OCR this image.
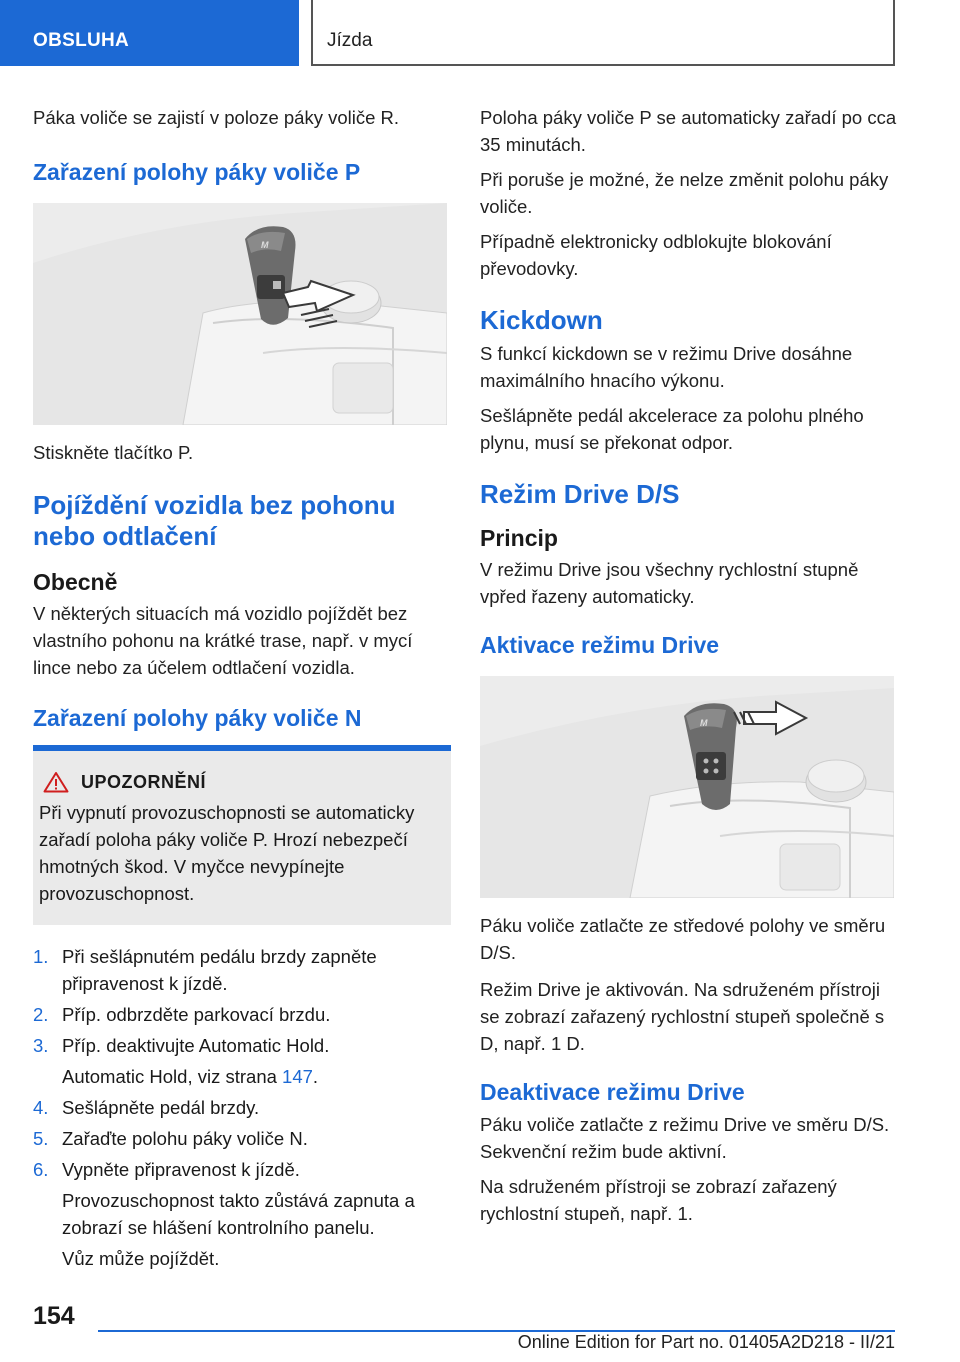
OBSLUHA	Jízda

Páka voliče se zajistí v poloze páky voliče R.

Zařazení polohy páky voliče P
M

Stiskněte tlačítko P.

Pojíždění vozidla bez pohonu
nebo odtlačení
Obecně

V některých situacích má vozidlo pojíždět bez vlastního pohonu na krátké trase, např. v mycí lince nebo za účelem odtlačení vozidla.

Zařazení polohy páky voliče N
UPOZORNĚNÍ

Při vypnutí provozuschopnosti se automaticky zařadí poloha páky voliče P. Hrozí nebezpečí hmotných škod. V myčce nevypínejte provozuschopnost.

1. Při sešlápnutém pedálu brzdy zapněte připravenost k jízdě.
2. Příp. odbrzděte parkovací brzdu.
3. Příp. deaktivujte Automatic Hold.
Automatic Hold, viz strana 147.
4. Sešlápněte pedál brzdy.
5. Zařaďte polohu páky voliče N.
6. Vypněte připravenost k jízdě.
Provozuschopnost takto zůstává zapnuta a zobrazí se hlášení kontrolního panelu.
Vůz může pojíždět.

Poloha páky voliče P se automaticky zařadí po cca 35 minutách.

Při poruše je možné, že nelze změnit polohu páky voliče.

Případně elektronicky odblokujte blokování převodovky.

Kickdown

S funkcí kickdown se v režimu Drive dosáhne maximálního hnacího výkonu.

Sešlápněte pedál akcelerace za polohu plného plynu, musí se překonat odpor.

Režim Drive D/S
Princip

V režimu Drive jsou všechny rychlostní stupně vpřed řazeny automaticky.

Aktivace režimu Drive
M

Páku voliče zatlačte ze středové polohy ve směru D/S.

Režim Drive je aktivován. Na sdruženém přístroji se zobrazí zařazený rychlostní stupeň společně s D, např. 1 D.

Deaktivace režimu Drive

Páku voliče zatlačte z režimu Drive ve směru D/S. Sekvenční režim bude aktivní.

Na sdruženém přístroji se zobrazí zařazený rychlostní stupeň, např. 1.

154
Online Edition for Part no. 01405A2D218 - II/21
